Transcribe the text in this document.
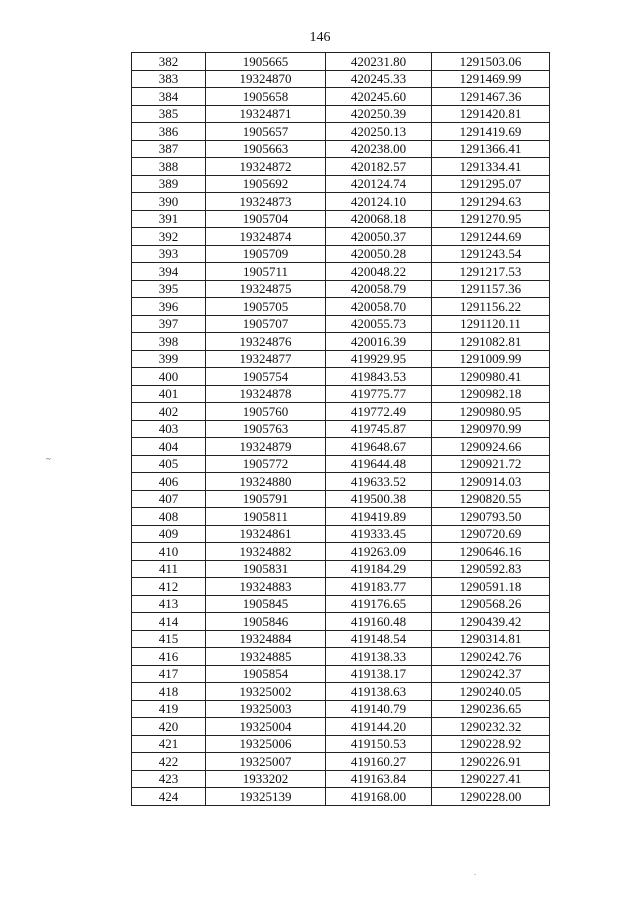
146
~
382	1905665	420231.80	1291503.06
383	19324870	420245.33	1291469.99
384	1905658	420245.60	1291467.36
385	19324871	420250.39	1291420.81
386	1905657	420250.13	1291419.69
387	1905663	420238.00	1291366.41
388	19324872	420182.57	1291334.41
389	1905692	420124.74	1291295.07
390	19324873	420124.10	1291294.63
391	1905704	420068.18	1291270.95
392	19324874	420050.37	1291244.69
393	1905709	420050.28	1291243.54
394	1905711	420048.22	1291217.53
395	19324875	420058.79	1291157.36
396	1905705	420058.70	1291156.22
397	1905707	420055.73	1291120.11
398	19324876	420016.39	1291082.81
399	19324877	419929.95	1291009.99
400	1905754	419843.53	1290980.41
401	19324878	419775.77	1290982.18
402	1905760	419772.49	1290980.95
403	1905763	419745.87	1290970.99
404	19324879	419648.67	1290924.66
405	1905772	419644.48	1290921.72
406	19324880	419633.52	1290914.03
407	1905791	419500.38	1290820.55
408	1905811	419419.89	1290793.50
409	19324861	419333.45	1290720.69
410	19324882	419263.09	1290646.16
411	1905831	419184.29	1290592.83
412	19324883	419183.77	1290591.18
413	1905845	419176.65	1290568.26
414	1905846	419160.48	1290439.42
415	19324884	419148.54	1290314.81
416	19324885	419138.33	1290242.76
417	1905854	419138.17	1290242.37
418	19325002	419138.63	1290240.05
419	19325003	419140.79	1290236.65
420	19325004	419144.20	1290232.32
421	19325006	419150.53	1290228.92
422	19325007	419160.27	1290226.91
423	1933202	419163.84	1290227.41
424	19325139	419168.00	1290228.00
.
